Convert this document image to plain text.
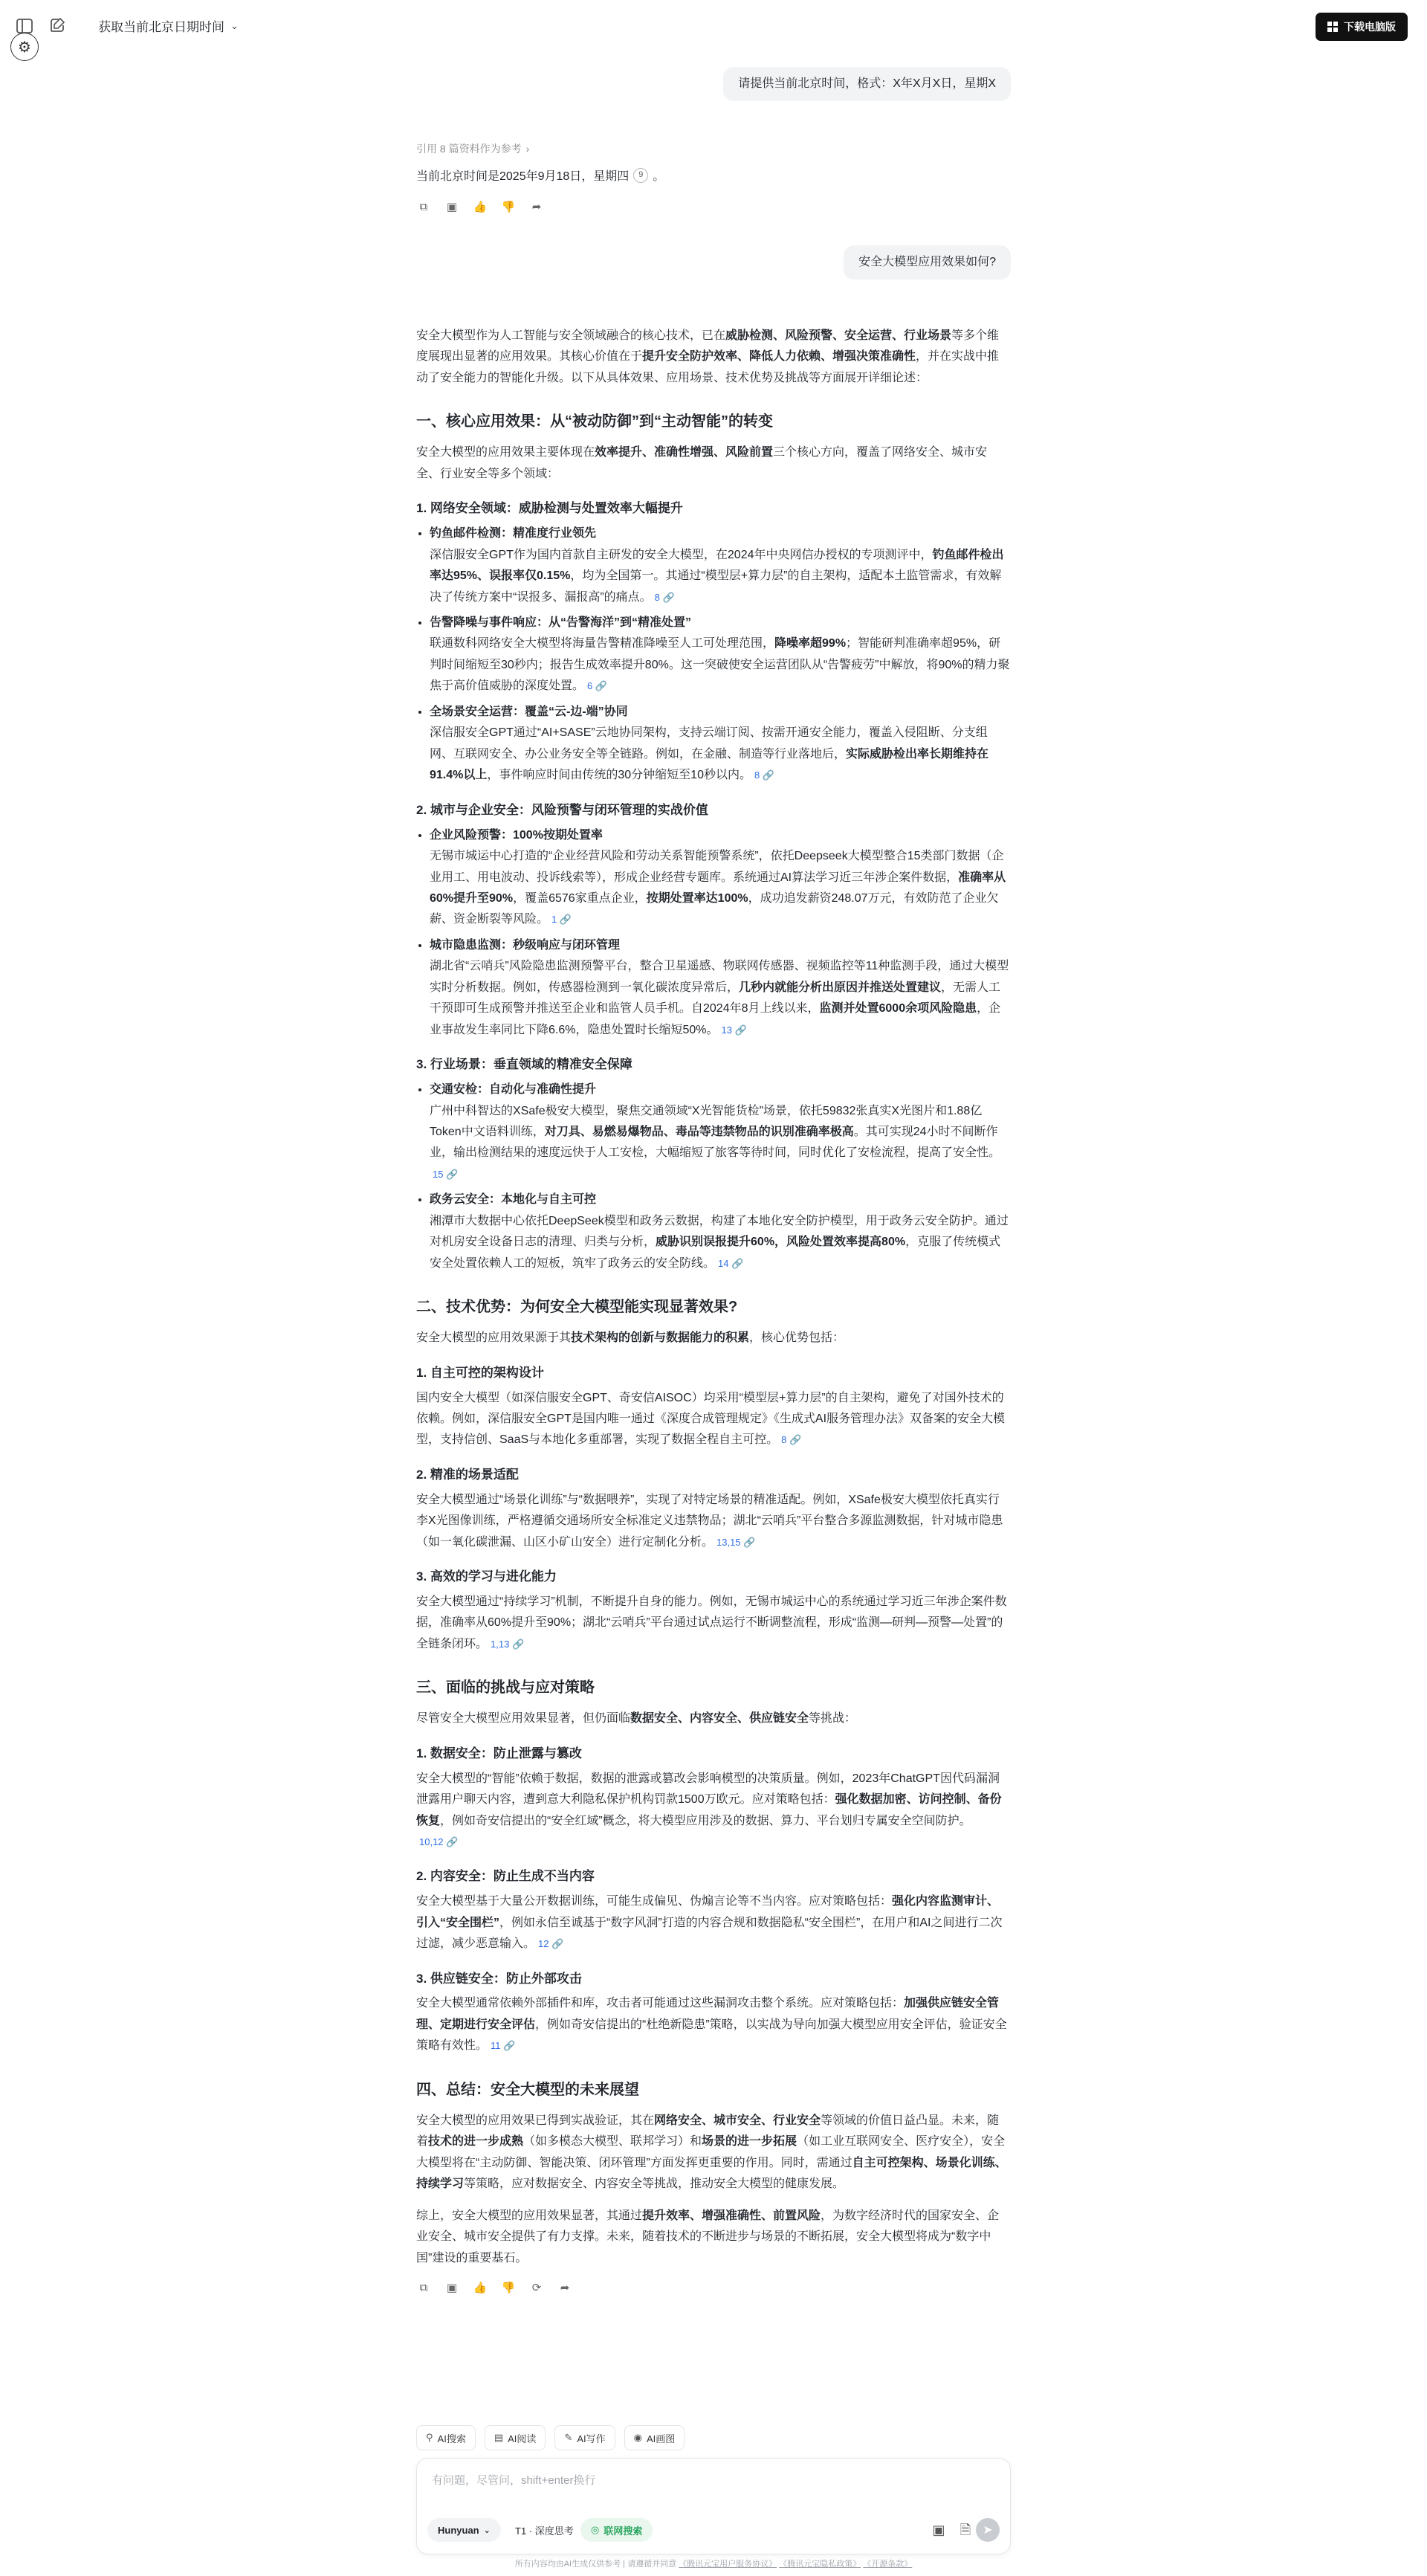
获取当前北京日期时间 ⌄
⚙
下载电脑版
请提供当前北京时间，格式：X年X月X日，星期X
引用 8 篇资料作为参考 ›
当前北京时间是2025年9月18日，星期四	9 。
⧉	▣ 👍 👎 ➦
安全大模型应用效果如何?

安全大模型作为人工智能与安全领域融合的核心技术，已在威胁检测、风险预警、安全运营、行业场景等多个维度展现出显著的应用效果。其核心价值在于提升安全防护效率、降低人力依赖、增强决策准确性，并在实战中推动了安全能力的智能化升级。以下从具体效果、应用场景、技术优势及挑战等方面展开详细论述：

一、核心应用效果：从“被动防御”到“主动智能”的转变

安全大模型的应用效果主要体现在效率提升、准确性增强、风险前置三个核心方向，覆盖了网络安全、城市安全、行业安全等多个领域：

1. 网络安全领域：威胁检测与处置效率大幅提升
• 钓鱼邮件检测：精准度行业领先
深信服安全GPT作为国内首款自主研发的安全大模型，在2024年中央网信办授权的专项测评中，钓鱼邮件检出率达95%、误报率仅0.15%，均为全国第一。其通过“模型层+算力层”的自主架构，适配本土监管需求，有效解决了传统方案中“误报多、漏报高”的痛点。 8 🔗
• 告警降噪与事件响应：从“告警海洋”到“精准处置”
联通数科网络安全大模型将海量告警精准降噪至人工可处理范围，降噪率超99%；智能研判准确率超95%，研判时间缩短至30秒内；报告生成效率提升80%。这一突破使安全运营团队从“告警疲劳”中解放，将90%的精力聚焦于高价值威胁的深度处置。 6 🔗
• 全场景安全运营：覆盖“云-边-端”协同
深信服安全GPT通过“AI+SASE”云地协同架构，支持云端订阅、按需开通安全能力，覆盖入侵阻断、分支组网、互联网安全、办公业务安全等全链路。例如，在金融、制造等行业落地后，实际威胁检出率长期维持在91.4%以上，事件响应时间由传统的30分钟缩短至10秒以内。 8 🔗
2. 城市与企业安全：风险预警与闭环管理的实战价值
• 企业风险预警：100%按期处置率
无锡市城运中心打造的“企业经营风险和劳动关系智能预警系统”，依托Deepseek大模型整合15类部门数据（企业用工、用电波动、投诉线索等），形成企业经营专题库。系统通过AI算法学习近三年涉企案件数据，准确率从60%提升至90%，覆盖6576家重点企业，按期处置率达100%，成功追发薪资248.07万元，有效防范了企业欠薪、资金断裂等风险。 1 🔗
• 城市隐患监测：秒级响应与闭环管理
湖北省“云哨兵”风险隐患监测预警平台，整合卫星遥感、物联网传感器、视频监控等11种监测手段，通过大模型实时分析数据。例如，传感器检测到一氧化碳浓度异常后，几秒内就能分析出原因并推送处置建议，无需人工干预即可生成预警并推送至企业和监管人员手机。自2024年8月上线以来，监测并处置6000余项风险隐患，企业事故发生率同比下降6.6%，隐患处置时长缩短50%。 13 🔗
3. 行业场景：垂直领域的精准安全保障
• 交通安检：自动化与准确性提升
广州中科智达的XSafe极安大模型，聚焦交通领域“X光智能货检”场景，依托59832张真实X光图片和1.88亿Token中文语料训练，对刀具、易燃易爆物品、毒品等违禁物品的识别准确率极高。其可实现24小时不间断作业，输出检测结果的速度远快于人工安检，大幅缩短了旅客等待时间，同时优化了安检流程，提高了安全性。15 🔗
• 政务云安全：本地化与自主可控
湘潭市大数据中心依托DeepSeek模型和政务云数据，构建了本地化安全防护模型，用于政务云安全防护。通过对机房安全设备日志的清理、归类与分析，威胁识别误报提升60%，风险处置效率提高80%，克服了传统模式安全处置依赖人工的短板，筑牢了政务云的安全防线。 14 🔗
二、技术优势：为何安全大模型能实现显著效果?

安全大模型的应用效果源于其技术架构的创新与数据能力的积累，核心优势包括：

1. 自主可控的架构设计

国内安全大模型（如深信服安全GPT、奇安信AISOC）均采用“模型层+算力层”的自主架构，避免了对国外技术的依赖。例如，深信服安全GPT是国内唯一通过《深度合成管理规定》《生成式AI服务管理办法》双备案的安全大模型，支持信创、SaaS与本地化多重部署，实现了数据全程自主可控。 8 🔗

2. 精准的场景适配

安全大模型通过“场景化训练”与“数据喂养”，实现了对特定场景的精准适配。例如，XSafe极安大模型依托真实行李X光图像训练，严格遵循交通场所安全标准定义违禁物品；湖北“云哨兵”平台整合多源监测数据，针对城市隐患（如一氧化碳泄漏、山区小矿山安全）进行定制化分析。 13,15 🔗

3. 高效的学习与进化能力

安全大模型通过“持续学习”机制，不断提升自身的能力。例如，无锡市城运中心的系统通过学习近三年涉企案件数据，准确率从60%提升至90%；湖北“云哨兵”平台通过试点运行不断调整流程，形成“监测—研判—预警—处置”的全链条闭环。 1,13 🔗

三、面临的挑战与应对策略

尽管安全大模型应用效果显著，但仍面临数据安全、内容安全、供应链安全等挑战：

1. 数据安全：防止泄露与篡改

安全大模型的“智能”依赖于数据，数据的泄露或篡改会影响模型的决策质量。例如，2023年ChatGPT因代码漏洞泄露用户聊天内容，遭到意大利隐私保护机构罚款1500万欧元。应对策略包括：强化数据加密、访问控制、备份恢复，例如奇安信提出的“安全红域”概念，将大模型应用涉及的数据、算力、平台划归专属安全空间防护。10,12 🔗

2. 内容安全：防止生成不当内容

安全大模型基于大量公开数据训练，可能生成偏见、伪煽言论等不当内容。应对策略包括：强化内容监测审计、引入“安全围栏”，例如永信至诚基于“数字风洞”打造的内容合规和数据隐私“安全围栏”，在用户和AI之间进行二次过滤，减少恶意输入。 12 🔗

3. 供应链安全：防止外部攻击

安全大模型通常依赖外部插件和库，攻击者可能通过这些漏洞攻击整个系统。应对策略包括：加强供应链安全管理、定期进行安全评估，例如奇安信提出的“杜绝新隐患”策略，以实战为导向加强大模型应用安全评估，验证安全策略有效性。 11 🔗

四、总结：安全大模型的未来展望

安全大模型的应用效果已得到实战验证，其在网络安全、城市安全、行业安全等领域的价值日益凸显。未来，随着技术的进一步成熟（如多模态大模型、联邦学习）和场景的进一步拓展（如工业互联网安全、医疗安全），安全大模型将在“主动防御、智能决策、闭环管理”方面发挥更重要的作用。同时，需通过自主可控架构、场景化训练、持续学习等策略，应对数据安全、内容安全等挑战，推动安全大模型的健康发展。

综上，安全大模型的应用效果显著，其通过提升效率、增强准确性、前置风险，为数字经济时代的国家安全、企业安全、城市安全提供了有力支撑。未来，随着技术的不断进步与场景的不断拓展，安全大模型将成为“数字中国”建设的重要基石。

⧉	▣ 👍 👎 ⟳ ➦
⚲ AI搜索	▤ AI阅读	✎ AI写作	◉ AI画图
有问题，尽管问，shift+enter换行
Hunyuan ⌄	T1 · 深度思考 ◎ 联网搜索	▣ 🗎 ➤
所有内容均由AI生成仅供参考 | 请遵循并同意 《腾讯元宝用户服务协议》 《腾讯元宝隐私政策》 《开源条款》
